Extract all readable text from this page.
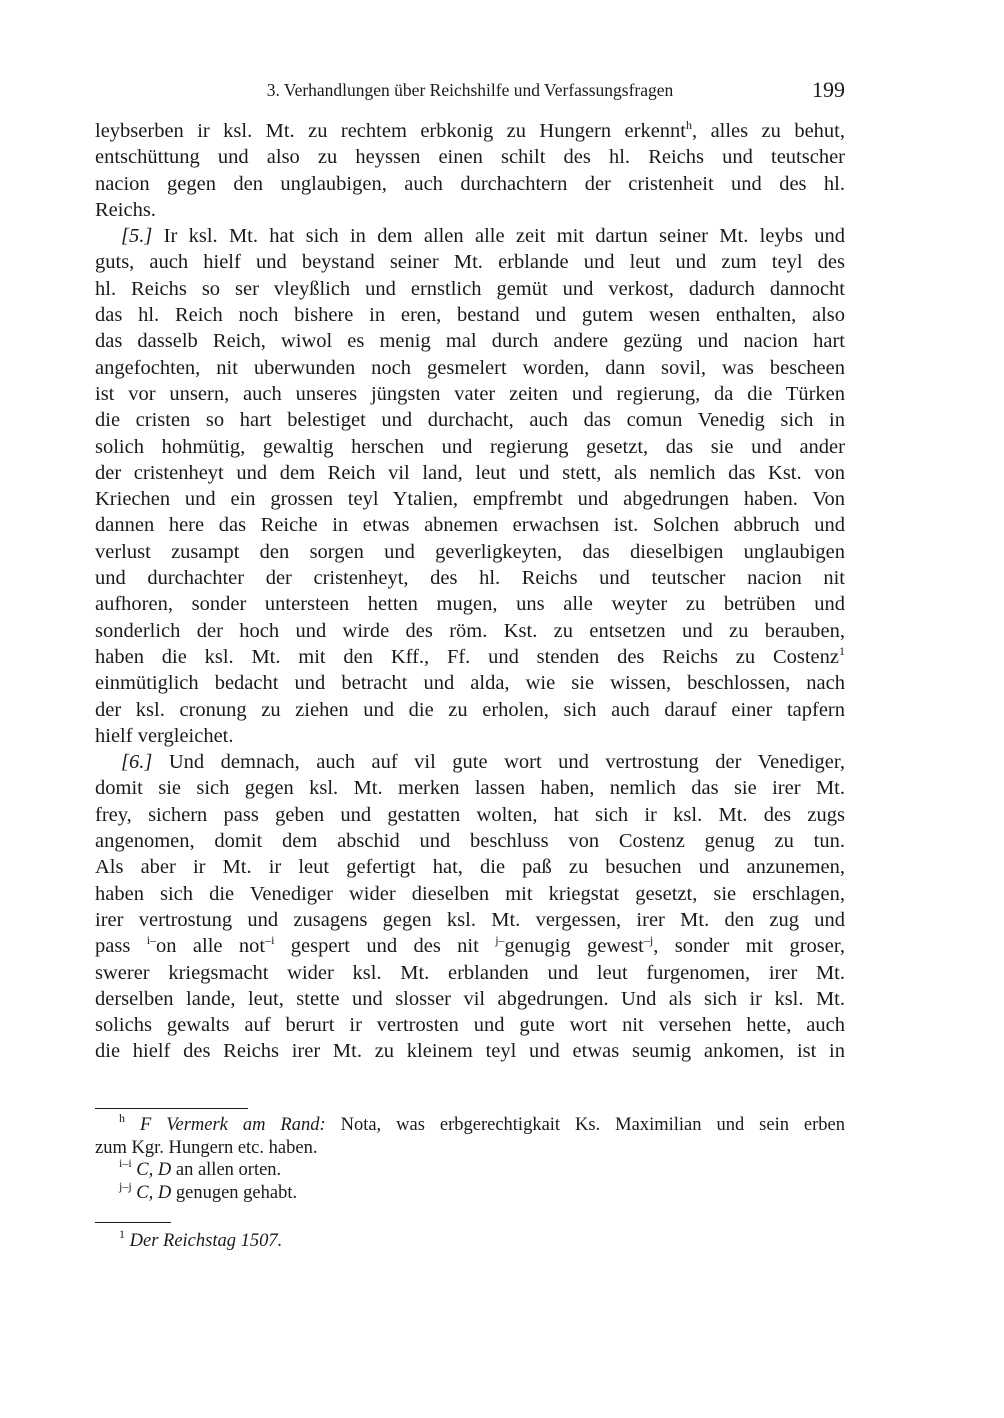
3. Verhandlungen über Reichshilfe und Verfassungsfragen	199
leybserben ir ksl. Mt. zu rechtem erbkonig zu Hungern erkennt$^h$, alles zu behut,
entschüttung und also zu heyssen einen schilt des hl. Reichs und teutscher
nacion gegen den unglaubigen, auch durchachtern der cristenheit und des hl.
Reichs.
[5.] Ir ksl. Mt. hat sich in dem allen alle zeit mit dartun seiner Mt. leybs und
guts, auch hielf und beystand seiner Mt. erblande und leut und zum teyl des
hl. Reichs so ser vleyßlich und ernstlich gemüt und verkost, dadurch dannocht
das hl. Reich noch bishere in eren, bestand und gutem wesen enthalten, also
das dasselb Reich, wiwol es menig mal durch andere gezüng und nacion hart
angefochten, nit uberwunden noch gesmelert worden, dann sovil, was bescheen
ist vor unsern, auch unseres jüngsten vater zeiten und regierung, da die Türken
die cristen so hart belestiget und durchacht, auch das comun Venedig sich in
solich hohmütig, gewaltig herschen und regierung gesetzt, das sie und ander
der cristenheyt und dem Reich vil land, leut und stett, als nemlich das Kst. von
Kriechen und ein grossen teyl Ytalien, empfrembt und abgedrungen haben. Von
dannen here das Reiche in etwas abnemen erwachsen ist. Solchen abbruch und
verlust zusampt den sorgen und geverligkeyten, das dieselbigen unglaubigen
und durchachter der cristenheyt, des hl. Reichs und teutscher nacion nit
aufhoren, sonder untersteen hetten mugen, uns alle weyter zu betrüben und
sonderlich der hoch und wirde des röm. Kst. zu entsetzen und zu berauben,
haben die ksl. Mt. mit den Kff., Ff. und stenden des Reichs zu Costenz$^1$
einmütiglich bedacht und betracht und alda, wie sie wissen, beschlossen, nach
der ksl. cronung zu ziehen und die zu erholen, sich auch darauf einer tapfern
hielf vergleichet.
[6.] Und demnach, auch auf vil gute wort und vertrostung der Venediger,
domit sie sich gegen ksl. Mt. merken lassen haben, nemlich das sie irer Mt.
frey, sichern pass geben und gestatten wolten, hat sich ir ksl. Mt. des zugs
angenomen, domit dem abschid und beschluss von Costenz genug zu tun.
Als aber ir Mt. ir leut gefertigt hat, die paß zu besuchen und anzunemen,
haben sich die Venediger wider dieselben mit kriegstat gesetzt, sie erschlagen,
irer vertrostung und zusagens gegen ksl. Mt. vergessen, irer Mt. den zug und
pass $^{i-}$on alle not$^{-i}$ gespert und des nit $^{j-}$genugig gewest$^{-j}$, sonder mit groser,
swerer kriegsmacht wider ksl. Mt. erblanden und leut furgenomen, irer Mt.
derselben lande, leut, stette und slosser vil abgedrungen. Und als sich ir ksl. Mt.
solichs gewalts auf berurt ir vertrosten und gute wort nit versehen hette, auch
die hielf des Reichs irer Mt. zu kleinem teyl und etwas seumig ankomen, ist in
$^h$ F Vermerk am Rand: Nota, was erbgerechtigkait Ks. Maximilian und sein erben
zum Kgr. Hungern etc. haben.
$^{i-i}$ C, D an allen orten.
$^{j-j}$ C, D genugen gehabt.
$^1$ Der Reichstag 1507.
